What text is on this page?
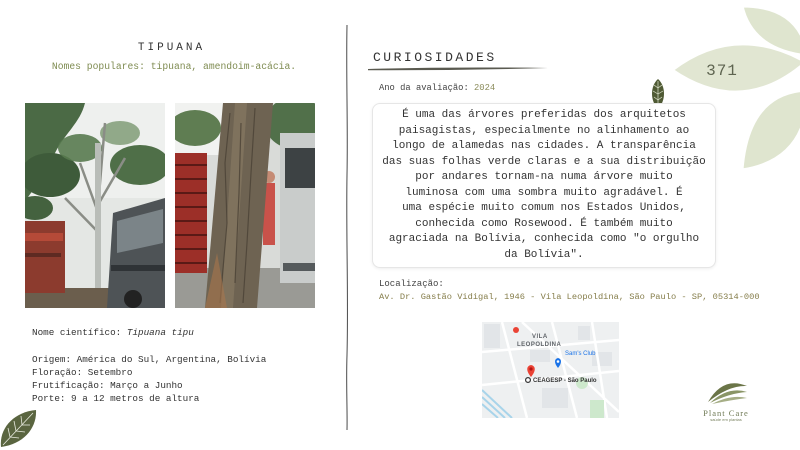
TIPUANA
Nomes populares: tipuana, amendoim-acácia.
Nome científico: Tipuana tipu
Origem: América do Sul, Argentina, Bolívia
Floração: Setembro
Frutificação: Março a Junho
Porte: 9 a 12 metros de altura
CURIOSIDADES
Ano da avaliação: 2024
É uma das árvores preferidas dos arquitetos
paisagistas, especialmente no alinhamento ao
longo de alamedas nas cidades. A transparência
das suas folhas verde claras e a sua distribuição
por andares tornam-na numa árvore muito
luminosa com uma sombra muito agradável. É
uma espécie muito comum nos Estados Unidos,
conhecida como Rosewood. É também muito
agraciada na Bolívia, conhecida como "o orgulho
da Bolívia".
Localização:
Av. Dr. Gastão Vidigal, 1946 - Vila Leopoldina, São Paulo - SP, 05314-000
VILA
LEOPOLDINA
Sam's Club
CEAGESP - São Paulo
371
Plant Care
saúde em plantas
